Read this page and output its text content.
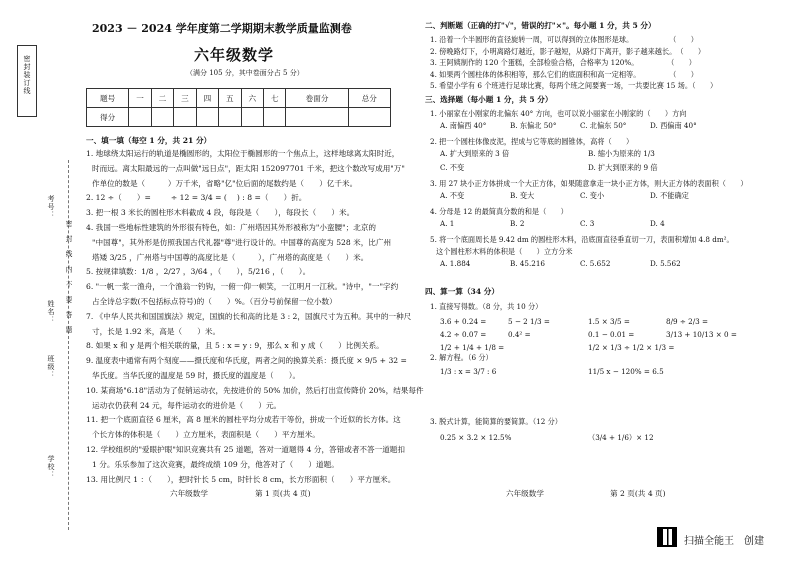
密封装订线
密　封　线　内　不　要　答　题
考号：
姓名：
班级：
学校：
2023 － 2024 学年度第二学期期末教学质量监测卷
六年级数学
（满分 105 分，其中卷面分占 5 分）
题号	一	二	三	四	五	六	七	卷面分	总分
得分									
一、填一填（每空 1 分，共 21 分）
1. 地球绕太阳运行的轨道是椭圆形的，太阳位于椭圆形的一个焦点上，这样地球离太阳时近，
时而远。离太阳最远的一点叫做"远日点"，距太阳 152097701 千米，把这个数改写成用"万"
作单位的数是（　　　）万千米，省略"亿"位后面的尾数约是（　　）亿千米。
2. 12 ÷（　　）= 　　 ÷ 12 = 3/4 = ( 　) : 8 =（　　）折。
3. 把一根 3 米长的圆柱形木料截成 4 段，每段是（　　），每段长（　　）米。
4. 我国一些地标性建筑的外形很有特色，如：广州塔因其外形被称为"小蛮腰"；北京的
"中国尊"，其外形是仿照我国古代礼器"尊"进行设计的。中国尊的高度为 528 米，比广州
塔矮 3/25 ，广州塔与中国尊的高度比是（　　　），广州塔的高度是（　　）米。
5. 按规律填数：1/8 ，2/27 ，3/64 ，（　　），5/216 ，（　　）。
6. "一帆一浆一渔舟，一个渔翁一钓钩，一俯一仰一顿笑，一江明月一江秋。"诗中，"一"字约
占全诗总字数(不包括标点符号)的（　　）%。（百分号前保留一位小数）
7. 《中华人民共和国国旗法》规定，国旗的长和高的比是 3 : 2，国旗尺寸为五种。其中的一种尺
寸，长是 1.92 米，高是（　　）米。
8. 如果 x 和 y 是两个相关联的量，且 5 : x = y : 9，那么 x 和 y 成（　　）比例关系。
9. 温度表中通常有两个刻度——摄氏度和华氏度，两者之间的换算关系：摄氏度 × 9/5 + 32 =
华氏度。当华氏度的温度是 59 时，摄氏度的温度是（　　）。
10. 某商场"6.18"活动为了促销运动衣，先按进价的 50% 加价，然后打出宣传降价 20%，结果每件
运动衣仍获利 24 元，每件运动衣的进价是（　　）元。
11. 把一个底面直径 6 厘米，高 8 厘米的圆柱平均分成若干等份，拼成一个近似的长方体。这
个长方体的体积是（　　）立方厘米，表面积是（　　）平方厘米。
12. 学校组织的"爱眼护眼"知识竞赛共有 25 道题，答对一道题得 4 分，答错或者不答一道题扣
1 分。乐乐参加了这次竞赛，最终成绩 109 分，他答对了（　　）道题。
13. 用比例尺 1 ：（　　），把时针长 5 cm，时针长 8 cm，长方形面积（　　）平方厘米。
六年级数学	第 1 页(共 4 页)
二、判断题（正确的打"√"，错误的打"×"。每小题 1 分，共 5 分）
1. 沿着一个半圆形的直径旋转一周，可以得到的立体图形是球。　　　　　　（　　）
2. 傍晚路灯下，小明离路灯越近，影子越短，从路灯下离开，影子越来越长。　（　　）
3. 王阿姨制作的 120 个蛋糕，全部检验合格，合格率为 120%。　　　　　（　　）
4. 如果两个圆柱体的体积相等，那么它们的底面积和高一定相等。　　　　　（　　）
5. 希望小学有 6 个班进行足球比赛，每两个班之间要赛一场，一共要比赛 15 场。（　　）
三、选择题（每小题 1 分，共 5 分）
1. 小丽家在小刚家的北偏东 40° 方向，也可以说小丽家在小刚家的（　　）方向
A. 南偏西 40°	B. 东偏北 50°	C. 北偏东 50°	D. 西偏南 40°
2. 把一个圆柱体像皮泥，捏成与它等底的圆锥体，高将（　　）
A. 扩大到原来的 3 倍	B. 缩小为原来的 1/3
C. 不变	D. 扩大到原来的 9 倍
3. 用 27 块小正方体拼成一个大正方体，如果随意拿走一块小正方体，则大正方体的表面积（　　）
A. 不变	B. 变大	C. 变小	D. 不能确定
4. 分母是 12 的最简真分数的和是（　　）
A. 1	B. 2	C. 3	D. 4
5. 将一个底面周长是 9.42 dm 的圆柱形木料，沿底面直径垂直切一刀，表面积增加 4.8 dm²。
这个圆柱形木料的体积是（　　）立方分米
A. 1.884	B. 45.216	C. 5.652	D. 5.562
四、算一算（34 分）
1. 直接写得数。（8 分，共 10 分）
3.6 + 0.24 =	5 − 2 1/3 =	1.5 × 3/5 =	8/9 ÷ 2/3 =
4.2 ÷ 0.07 =	0.4² =	0.1 − 0.01 =	3/13 + 10/13 × 0 =
1/2 + 1/4 + 1/8 =	1/2 × 1/3 ÷ 1/2 × 1/3 =
2. 解方程。（6 分）
1/3 : x = 3/7 : 6	11/5 x − 120% = 6.5
3. 脱式计算，能简算的要简算。（12 分）
0.25 × 3.2 × 12.5%	（3/4 + 1/6）× 12
六年级数学	第 2 页(共 4 页)
扫描全能王　创建
